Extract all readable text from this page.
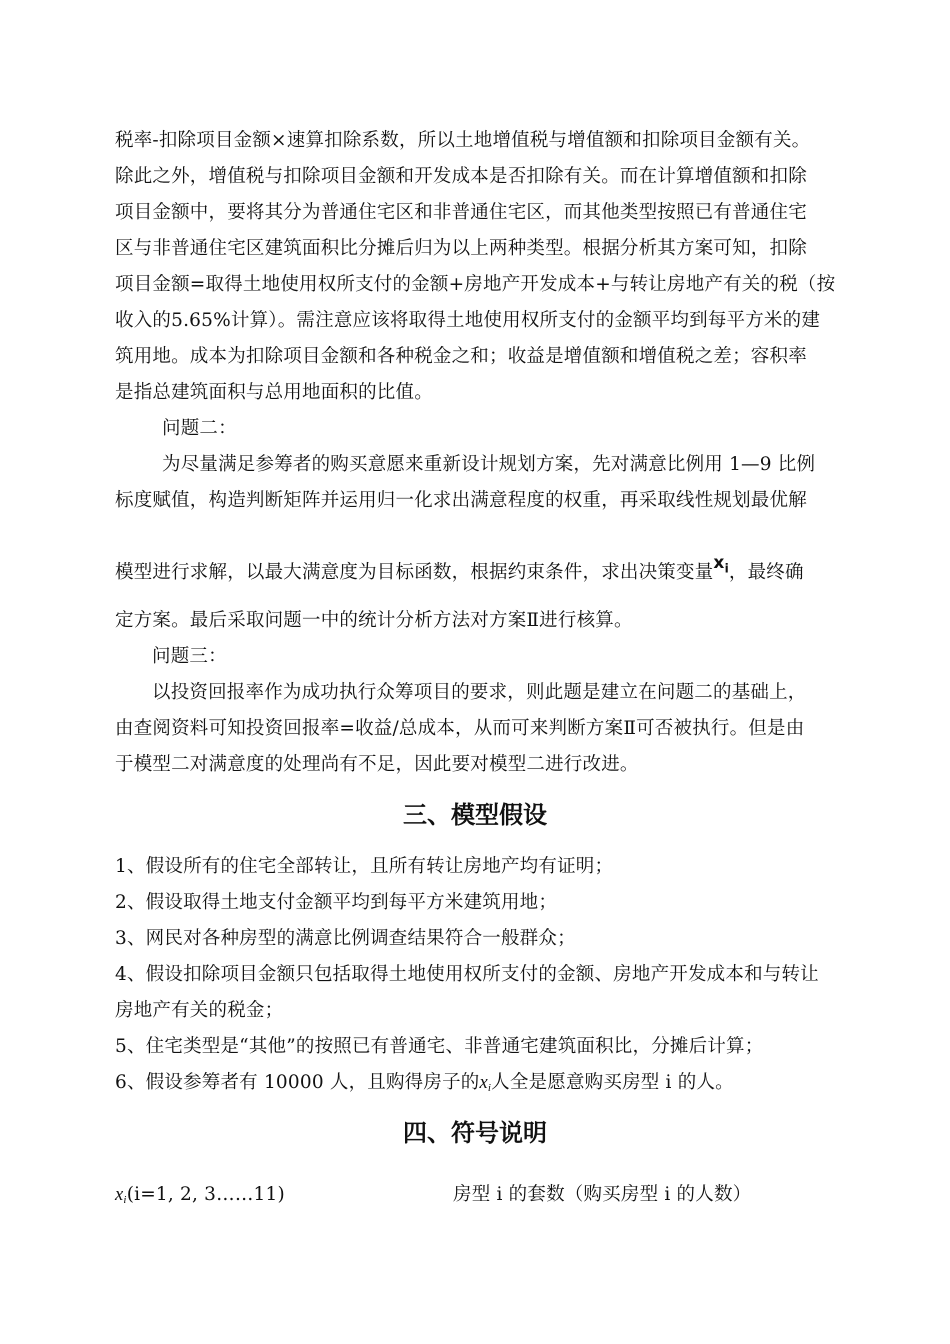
税率-扣除项目金额×速算扣除系数，所以土地增值税与增值额和扣除项目金额有关。
除此之外，增值税与扣除项目金额和开发成本是否扣除有关。而在计算增值额和扣除
项目金额中，要将其分为普通住宅区和非普通住宅区，而其他类型按照已有普通住宅
区与非普通住宅区建筑面积比分摊后归为以上两种类型。根据分析其方案可知，扣除
项目金额=取得土地使用权所支付的金额+房地产开发成本+与转让房地产有关的税（按
收入的5.65%计算）。需注意应该将取得土地使用权所支付的金额平均到每平方米的建
筑用地。成本为扣除项目金额和各种税金之和；收益是增值额和增值税之差；容积率
是指总建筑面积与总用地面积的比值。
问题二：
为尽量满足参筹者的购买意愿来重新设计规划方案，先对满意比例用 1—9 比例
标度赋值，构造判断矩阵并运用归一化求出满意程度的权重，再采取线性规划最优解
模型进行求解，以最大满意度为目标函数，根据约束条件，求出决策变量$x_i$，最终确
定方案。最后采取问题一中的统计分析方法对方案Ⅱ进行核算。
问题三：
以投资回报率作为成功执行众筹项目的要求，则此题是建立在问题二的基础上，
由查阅资料可知投资回报率=收益/总成本，从而可来判断方案Ⅱ可否被执行。但是由
于模型二对满意度的处理尚有不足，因此要对模型二进行改进。
三、模型假设
1、假设所有的住宅全部转让，且所有转让房地产均有证明；
2、假设取得土地支付金额平均到每平方米建筑用地；
3、网民对各种房型的满意比例调查结果符合一般群众；
4、假设扣除项目金额只包括取得土地使用权所支付的金额、房地产开发成本和与转让
房地产有关的税金；
5、住宅类型是“其他”的按照已有普通宅、非普通宅建筑面积比，分摊后计算；
6、假设参筹者有 10000 人，且购得房子的$x_i$人全是愿意购买房型 i 的人。
四、符号说明
$x_i(i=1$, 2, 3……11)	房型 i 的套数（购买房型 i 的人数）
